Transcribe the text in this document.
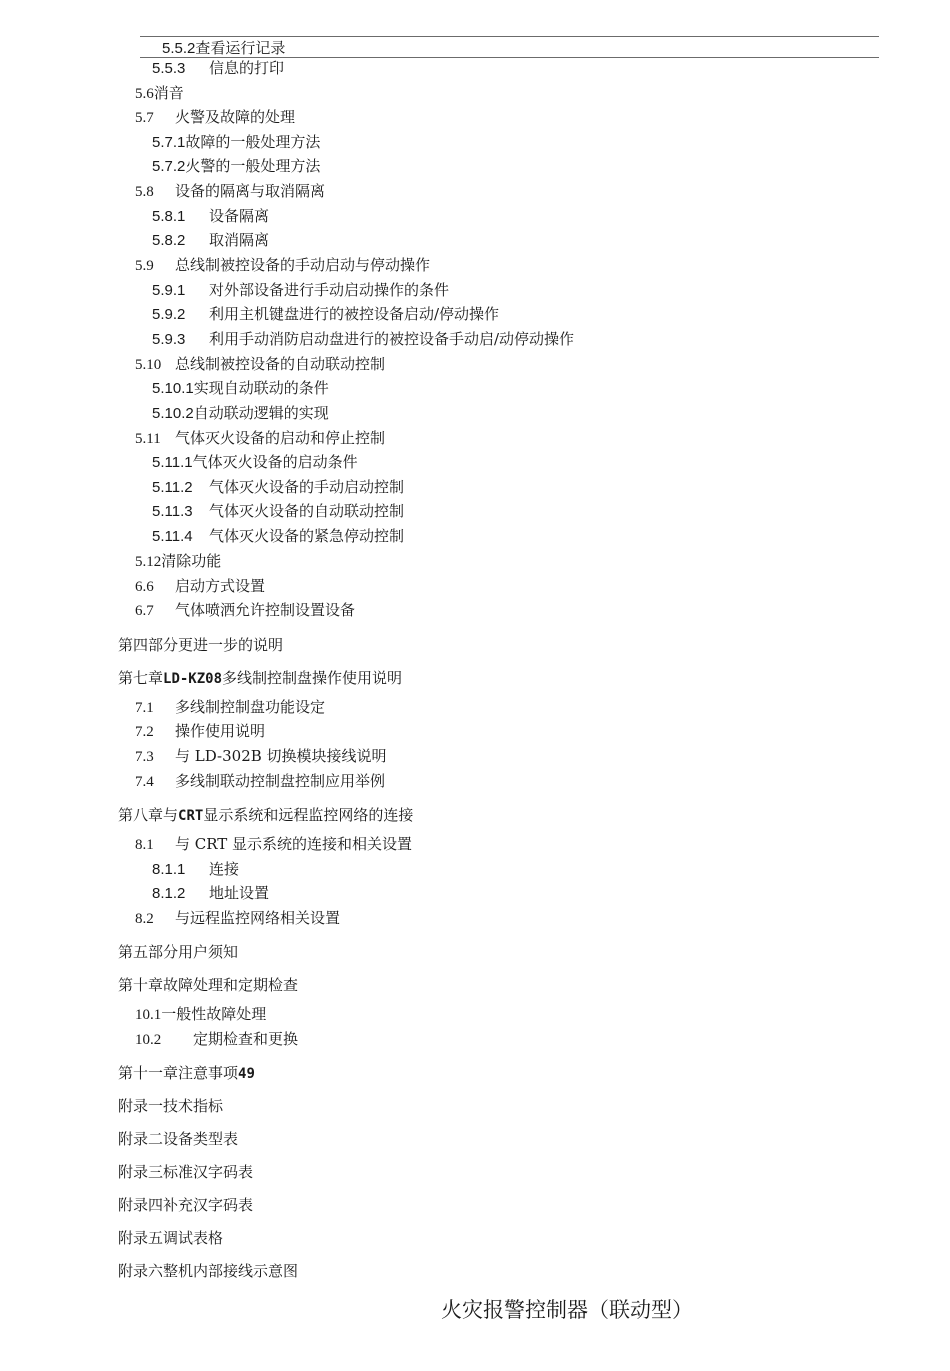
5.5.2查看运行记录
5.5.3 信息的打印
5.6消音
5.7 火警及故障的处理
5.7.1故障的一般处理方法
5.7.2火警的一般处理方法
5.8 设备的隔离与取消隔离
5.8.1 设备隔离
5.8.2 取消隔离
5.9 总线制被控设备的手动启动与停动操作
5.9.1 对外部设备进行手动启动操作的条件
5.9.2 利用主机键盘进行的被控设备启动/停动操作
5.9.3 利用手动消防启动盘进行的被控设备手动启/动停动操作
5.10 总线制被控设备的自动联动控制
5.10.1实现自动联动的条件
5.10.2自动联动逻辑的实现
5.11 气体灭火设备的启动和停止控制
5.11.1气体灭火设备的启动条件
5.11.2 气体灭火设备的手动启动控制
5.11.3 气体灭火设备的自动联动控制
5.11.4 气体灭火设备的紧急停动控制
5.12清除功能
6.6 启动方式设置
6.7 气体喷洒允许控制设置设备
第四部分更进一步的说明
第七章LD-KZ08多线制控制盘操作使用说明
7.1 多线制控制盘功能设定
7.2 操作使用说明
7.3 与 LD-302B 切换模块接线说明
7.4 多线制联动控制盘控制应用举例
第八章与CRT显示系统和远程监控网络的连接
8.1 与 CRT 显示系统的连接和相关设置
8.1.1 连接
8.1.2 地址设置
8.2 与远程监控网络相关设置
第五部分用户须知
第十章故障处理和定期检查
10.1一般性故障处理
10.2 定期检查和更换
第十一章注意事项49
附录一技术指标
附录二设备类型表
附录三标准汉字码表
附录四补充汉字码表
附录五调试表格
附录六整机内部接线示意图
火灾报警控制器（联动型）
